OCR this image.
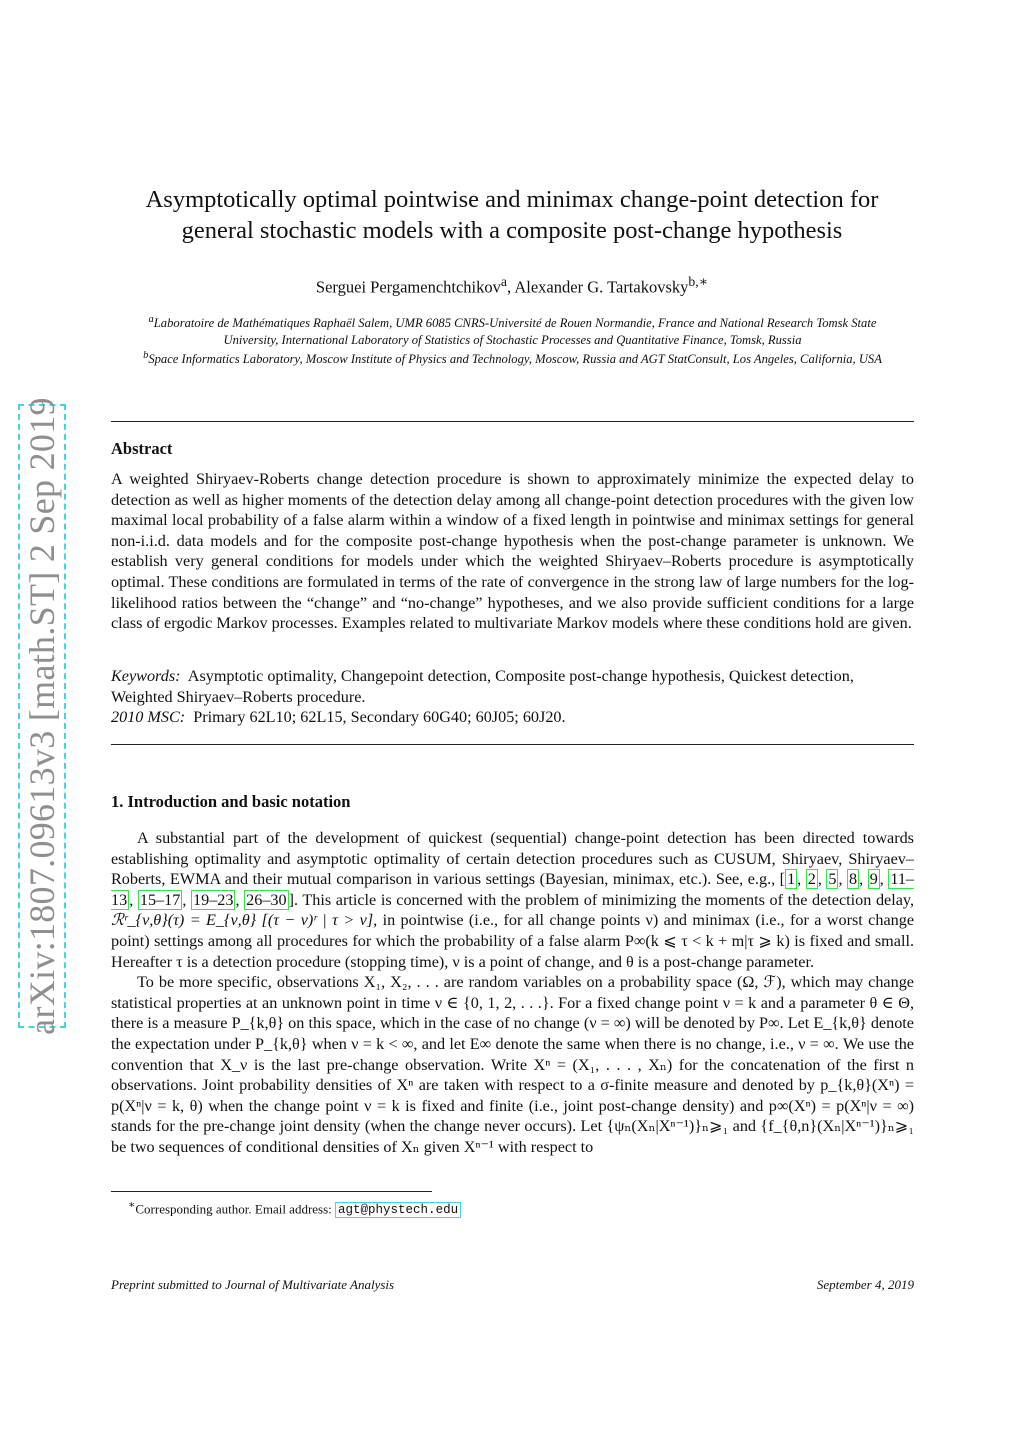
arXiv:1807.09613v3 [math.ST] 2 Sep 2019
Asymptotically optimal pointwise and minimax change-point detection for
general stochastic models with a composite post-change hypothesis
Serguei Pergamenchtchikov$^a$, Alexander G. Tartakovsky$^{b,∗}$
$^a$Laboratoire de Mathématiques Raphaël Salem, UMR 6085 CNRS-Université de Rouen Normandie, France and National Research Tomsk State
University, International Laboratory of Statistics of Stochastic Processes and Quantitative Finance, Tomsk, Russia
$^b$Space Informatics Laboratory, Moscow Institute of Physics and Technology, Moscow, Russia and AGT StatConsult, Los Angeles, California, USA
Abstract
A weighted Shiryaev-Roberts change detection procedure is shown to approximately minimize the expected delay to detection as well as higher moments of the detection delay among all change-point detection procedures with the given low maximal local probability of a false alarm within a window of a fixed length in pointwise and minimax settings for general non-i.i.d. data models and for the composite post-change hypothesis when the post-change parameter is unknown. We establish very general conditions for models under which the weighted Shiryaev–Roberts procedure is asymptotically optimal. These conditions are formulated in terms of the rate of convergence in the strong law of large numbers for the log-likelihood ratios between the “change” and “no-change” hypotheses, and we also provide sufficient conditions for a large class of ergodic Markov processes. Examples related to multivariate Markov models where these conditions hold are given.
Keywords: Asymptotic optimality, Changepoint detection, Composite post-change hypothesis, Quickest detection, Weighted Shiryaev–Roberts procedure.
2010 MSC: Primary 62L10; 62L15, Secondary 60G40; 60J05; 60J20.
1. Introduction and basic notation

A substantial part of the development of quickest (sequential) change-point detection has been directed towards establishing optimality and asymptotic optimality of certain detection procedures such as CUSUM, Shiryaev, Shiryaev–Roberts, EWMA and their mutual comparison in various settings (Bayesian, minimax, etc.). See, e.g., [ 1 , 2 , 5 , 8 , 9 , 11–13 , 15–17 , 19–23 , 26–30 ]. This article is concerned with the problem of minimizing the moments of the detection delay, ℛʳ_{ν,θ}(τ) = E_{ν,θ} [(τ − ν)ʳ | τ > ν], in pointwise (i.e., for all change points ν) and minimax (i.e., for a worst change point) settings among all procedures for which the probability of a false alarm P∞(k ⩽ τ < k + m|τ ⩾ k) is fixed and small. Hereafter τ is a detection procedure (stopping time), ν is a point of change, and θ is a post-change parameter.

To be more specific, observations X₁, X₂, . . . are random variables on a probability space (Ω, ℱ), which may change statistical properties at an unknown point in time ν ∈ {0, 1, 2, . . .}. For a fixed change point ν = k and a parameter θ ∈ Θ, there is a measure P_{k,θ} on this space, which in the case of no change (ν = ∞) will be denoted by P∞. Let E_{k,θ} denote the expectation under P_{k,θ} when ν = k < ∞, and let E∞ denote the same when there is no change, i.e., ν = ∞. We use the convention that X_ν is the last pre-change observation. Write Xⁿ = (X₁, . . . , Xₙ) for the concatenation of the first n observations. Joint probability densities of Xⁿ are taken with respect to a σ-finite measure and denoted by p_{k,θ}(Xⁿ) = p(Xⁿ|ν = k, θ) when the change point ν = k is fixed and finite (i.e., joint post-change density) and p∞(Xⁿ) = p(Xⁿ|ν = ∞) stands for the pre-change joint density (when the change never occurs). Let {ψₙ(Xₙ|Xⁿ⁻¹)}ₙ⩾₁ and {f_{θ,n}(Xₙ|Xⁿ⁻¹)}ₙ⩾₁ be two sequences of conditional densities of Xₙ given Xⁿ⁻¹ with respect to

∗Corresponding author. Email address: agt@phystech.edu
Preprint submitted to Journal of Multivariate Analysis	September 4, 2019
